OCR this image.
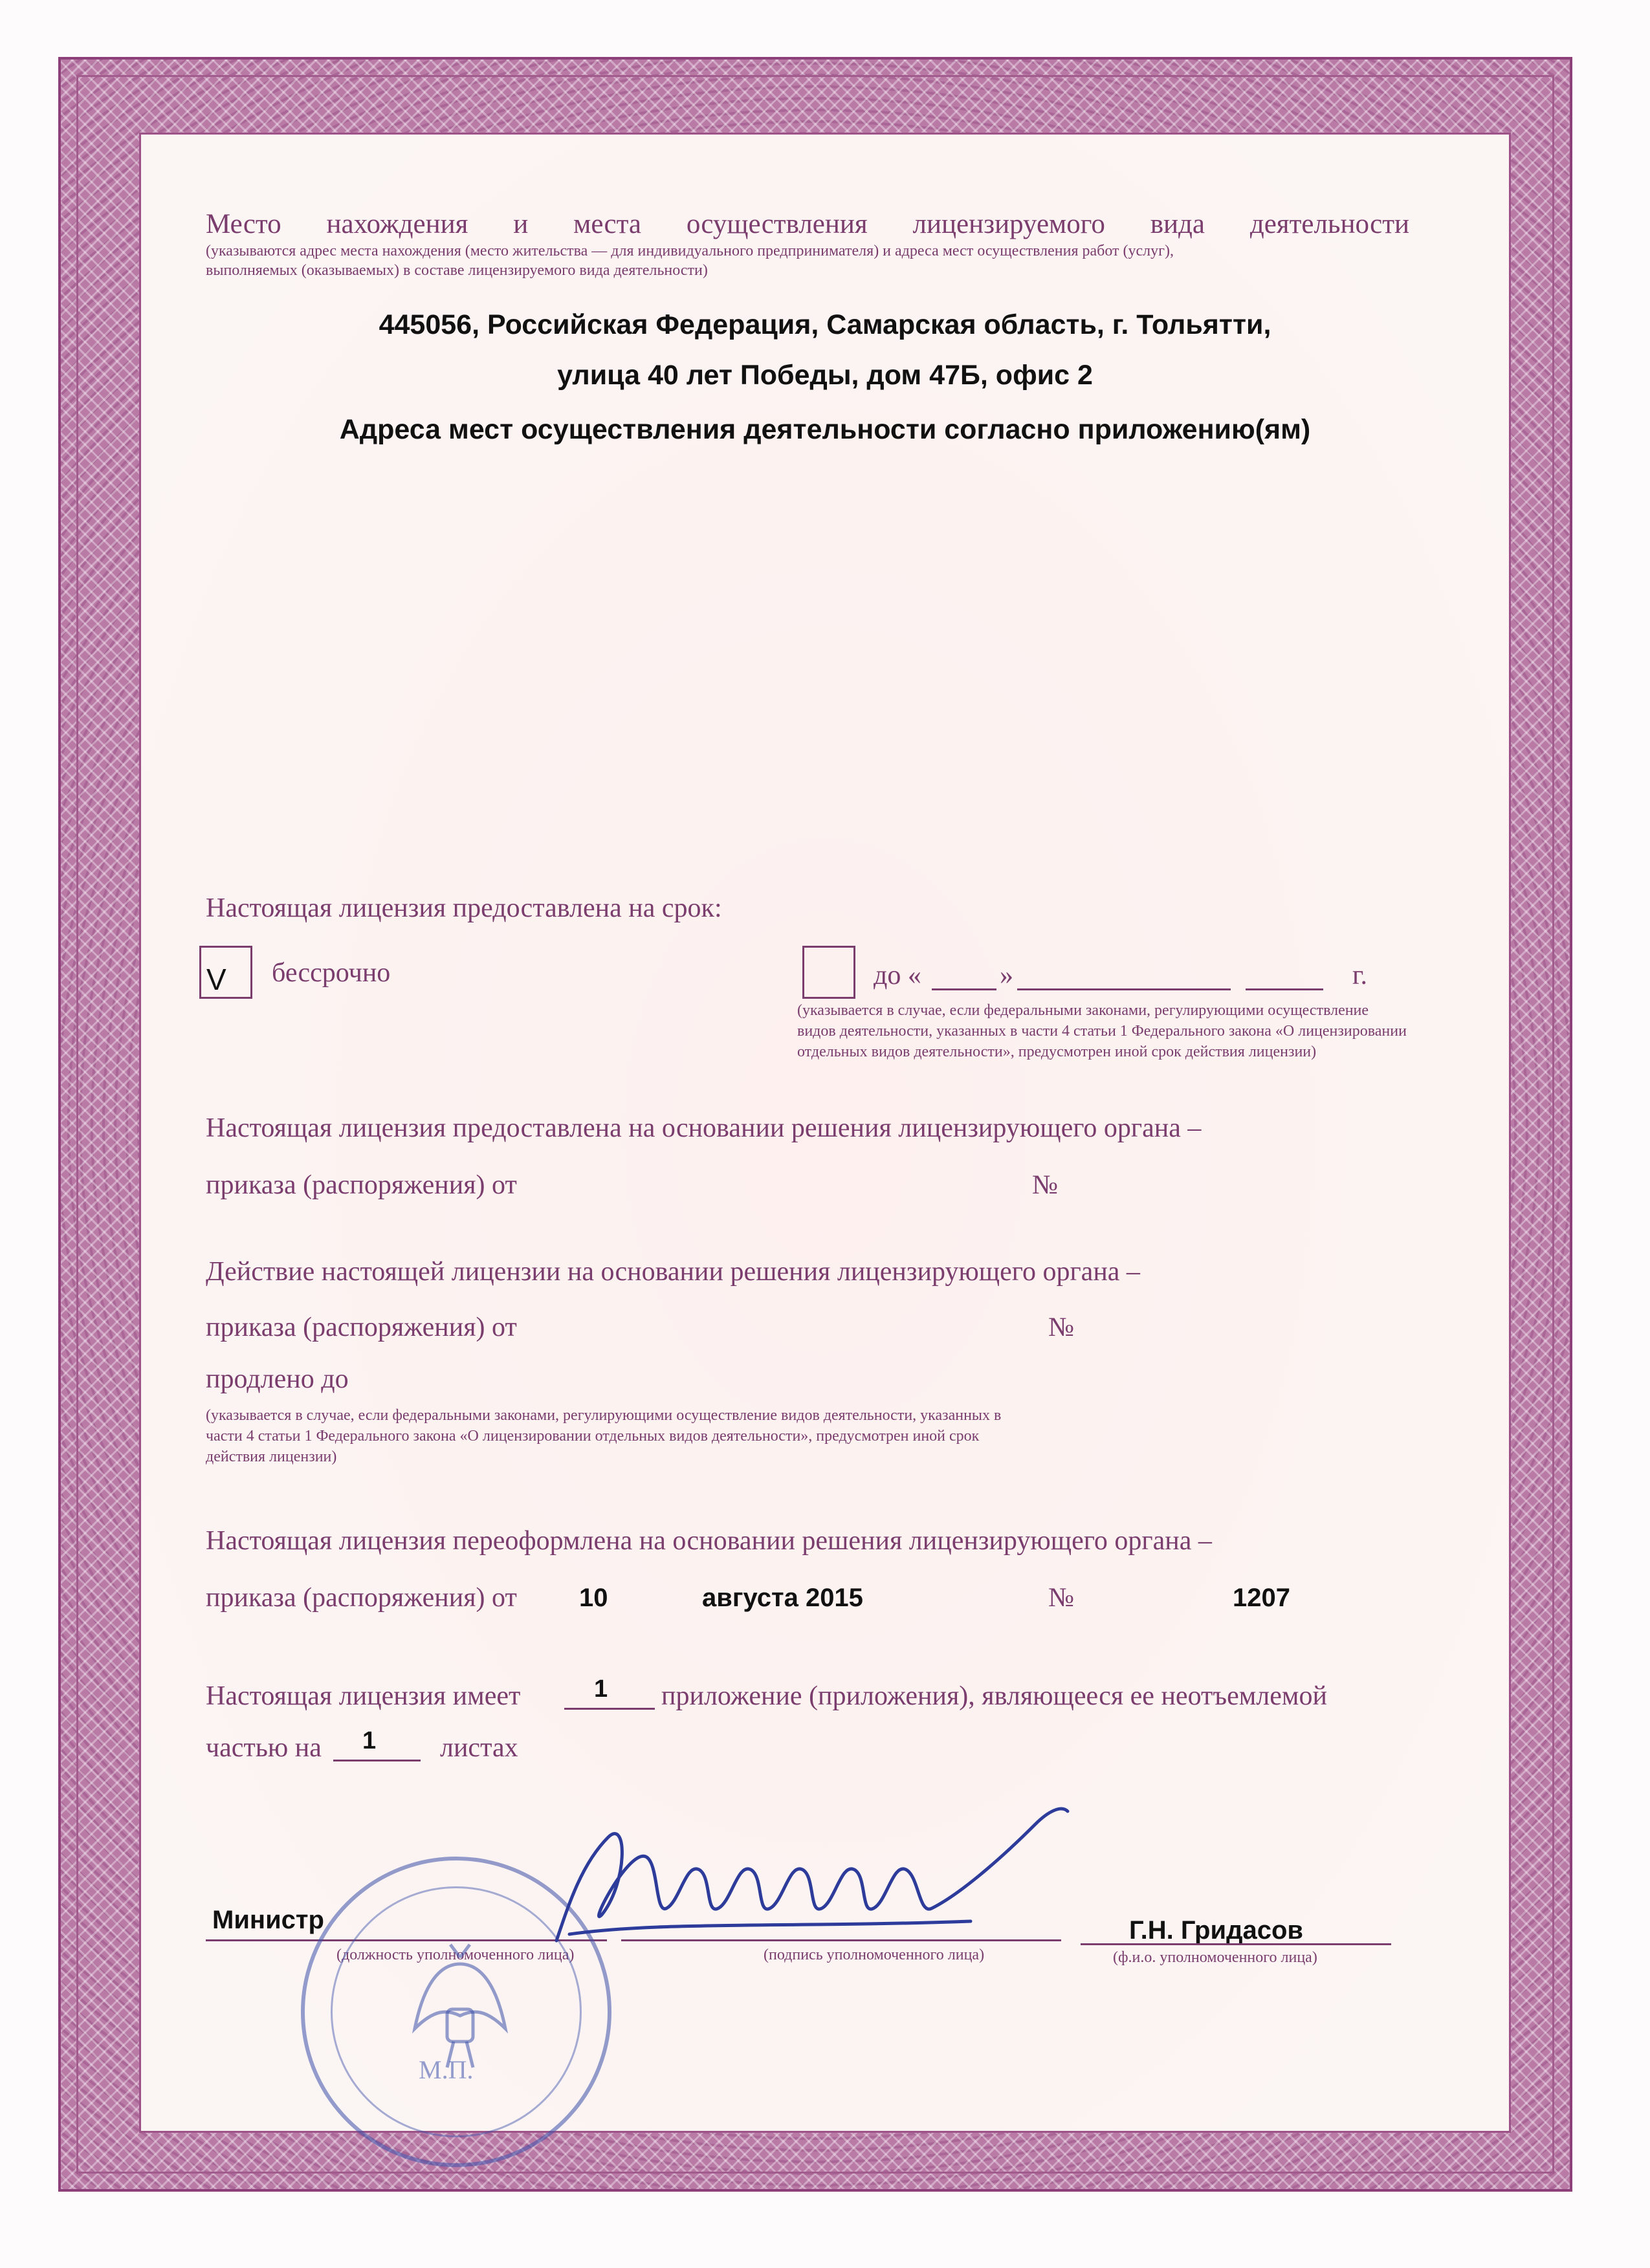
Место нахождения и места осуществления лицензируемого вида деятельности
(указываются адрес места нахождения (место жительства — для индивидуального предпринимателя) и адреса мест осуществления работ (услуг),
выполняемых (оказываемых) в составе лицензируемого вида деятельности)
445056, Российская Федерация, Самарская область, г. Тольятти,
улица 40 лет Победы, дом 47Б, офис 2
Адреса мест осуществления деятельности согласно приложению(ям)
Настоящая лицензия предоставлена на срок:
V бессрочно	до «	»	г.
(указывается в случае, если федеральными законами, регулирующими осуществление видов деятельности, указанных в части 4 статьи 1 Федерального закона «О лицензировании отдельных видов деятельности», предусмотрен иной срок действия лицензии)
Настоящая лицензия предоставлена на основании решения лицензирующего органа –
приказа (распоряжения) от	№
Действие настоящей лицензии на основании решения лицензирующего органа –
приказа (распоряжения) от	№
продлено до
(указывается в случае, если федеральными законами, регулирующими осуществление видов деятельности, указанных в части 4 статьи 1 Федерального закона «О лицензировании отдельных видов деятельности», предусмотрен иной срок действия лицензии)
Настоящая лицензия переоформлена на основании решения лицензирующего органа –
приказа (распоряжения) от 10	августа 2015	№	1207
Настоящая лицензия имеет	1 приложение (приложения), являющееся ее неотъемлемой
частью на 1 листах
Министр
(должность уполномоченного лица)	(подпись уполномоченного лица)
Г.Н. Гридасов
(ф.и.о. уполномоченного лица)
М.П.
